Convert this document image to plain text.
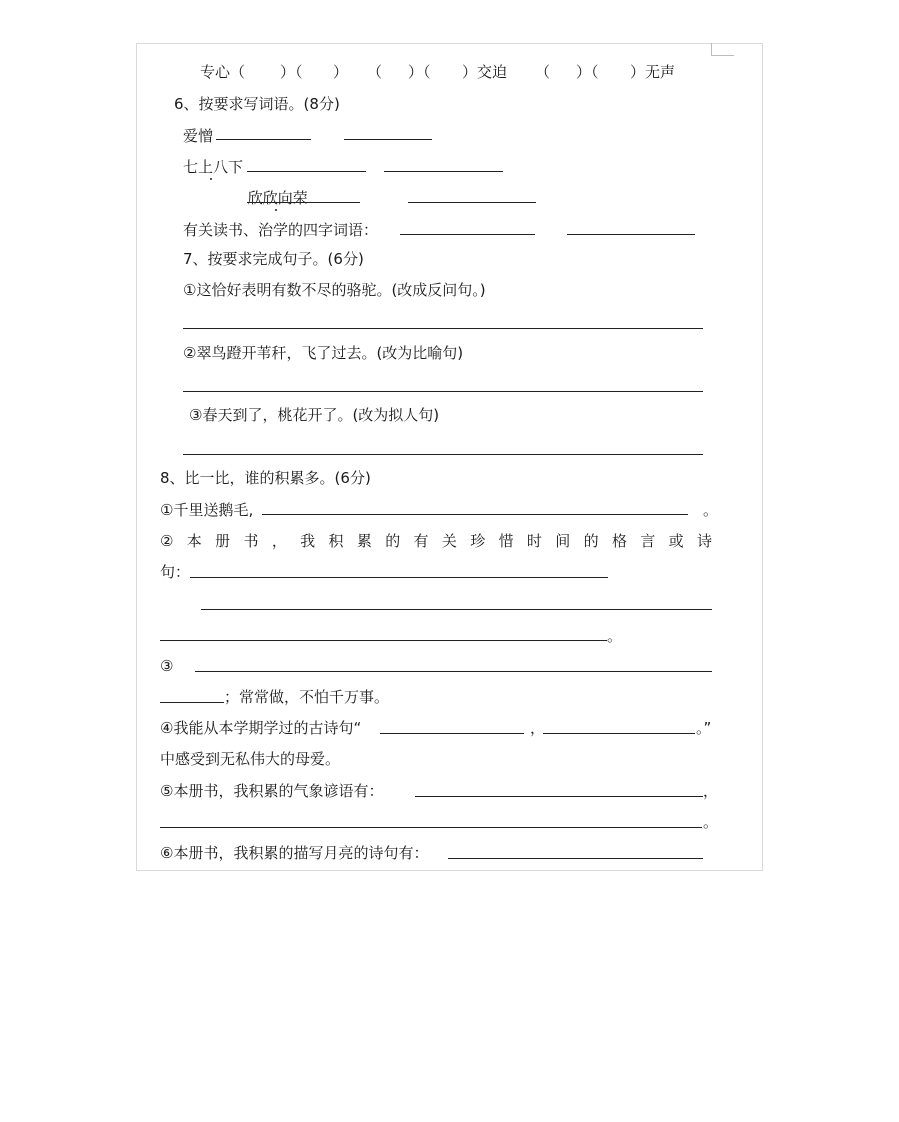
专心（ ）（ ） （ ）（ ）交迫 （ ）（ ）无声
6、按要求写词语。(8分)
爱憎
七上八下
欣欣向荣
有关读书、治学的四字词语：
7、按要求完成句子。(6分)
①这恰好表明有数不尽的骆驼。(改成反问句。)
②翠鸟蹬开苇秆，飞了过去。(改为比喻句)
③春天到了，桃花开了。(改为拟人句)
8、比一比，谁的积累多。(6分)
①千里送鹅毛,	。
② 本 册 书 ， 我 积 累 的 有 关 珍 惜 时 间 的 格 言 或 诗
句：
。
③
；常常做，不怕千万事。
④我能从本学期学过的古诗句“	，	。”
中感受到无私伟大的母爱。
⑤本册书，我积累的气象谚语有：	，
。
⑥本册书，我积累的描写月亮的诗句有：
